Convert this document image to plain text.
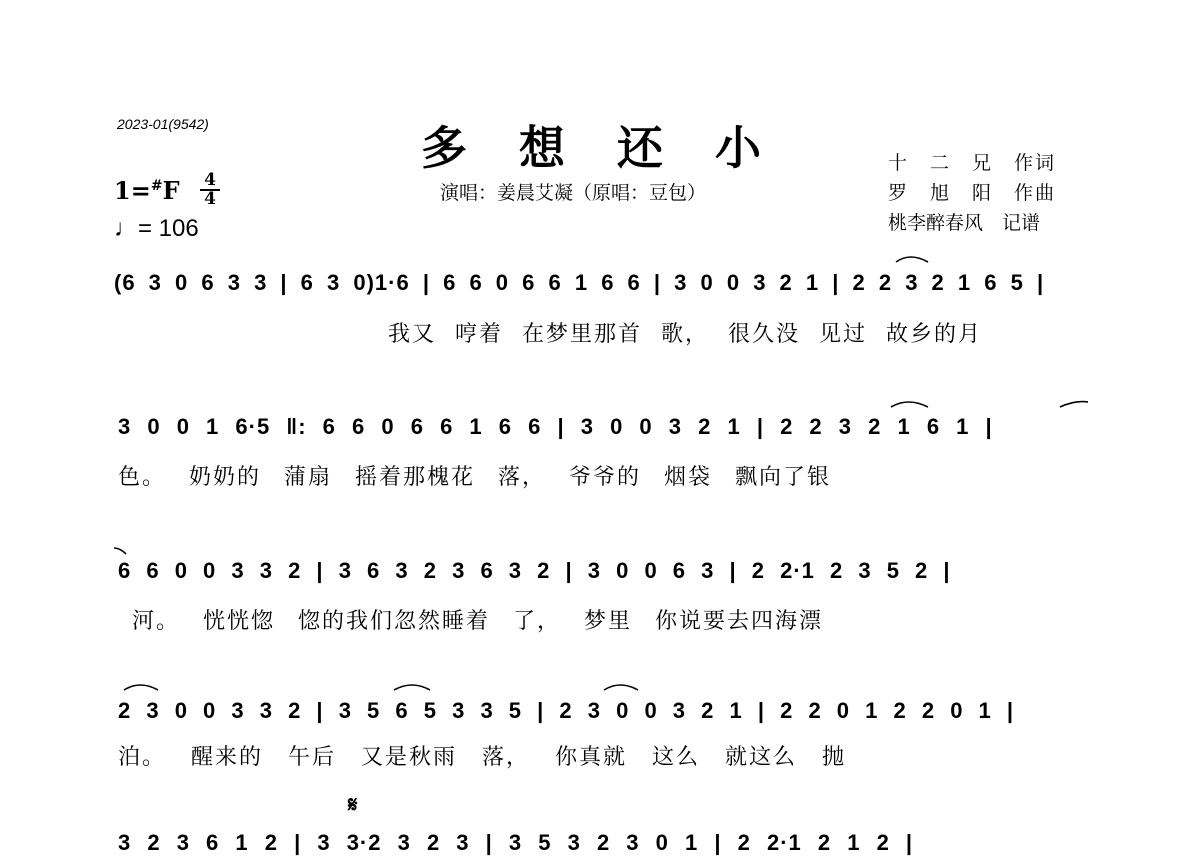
2023-01(9542)	多 想 还 小
演唱：姜晨艾凝（原唱：豆包）
十　二　兄　作词
罗　旭　阳　作曲
桃李醉春风　记谱
1=#F 4
4
♩= 106
(6 3 0 6 3 3 | 6 3 0)1·6 | 6 6 0 6 6 1 6 6 | 3 0 0 3 2 1 | 2 2 3 2 1 6 5 |
我又 哼着 在梦里那首 歌， 很久没 见过 故乡的月
3 0 0 1 6·5 ‖: 6 6 0 6 6 1 6 6 | 3 0 0 3 2 1 | 2 2 3 2 1 6 1 |
色。 奶奶的 蒲扇 摇着那槐花 落， 爷爷的 烟袋 飘向了银
6 6 0 0 3 3 2 | 3 6 3 2 3 6 3 2 | 3 0 0 6 3 | 2 2·1 2 3 5 2 |
河。 恍恍惚 惚的我们忽然睡着 了， 梦里 你说要去四海漂
2 3 0 0 3 3 2 | 3 5 6 5 3 3 5 | 2 3 0 0 3 2 1 | 2 2 0 1 2 2 0 1 |
泊。 醒来的 午后 又是秋雨 落， 你真就 这么 就这么 抛
𝄋
3 2 3 6 1 2 | 3 3·2 3 2 3 | 3 5 3 2 3 0 1 | 2 2·1 2 1 2 |
